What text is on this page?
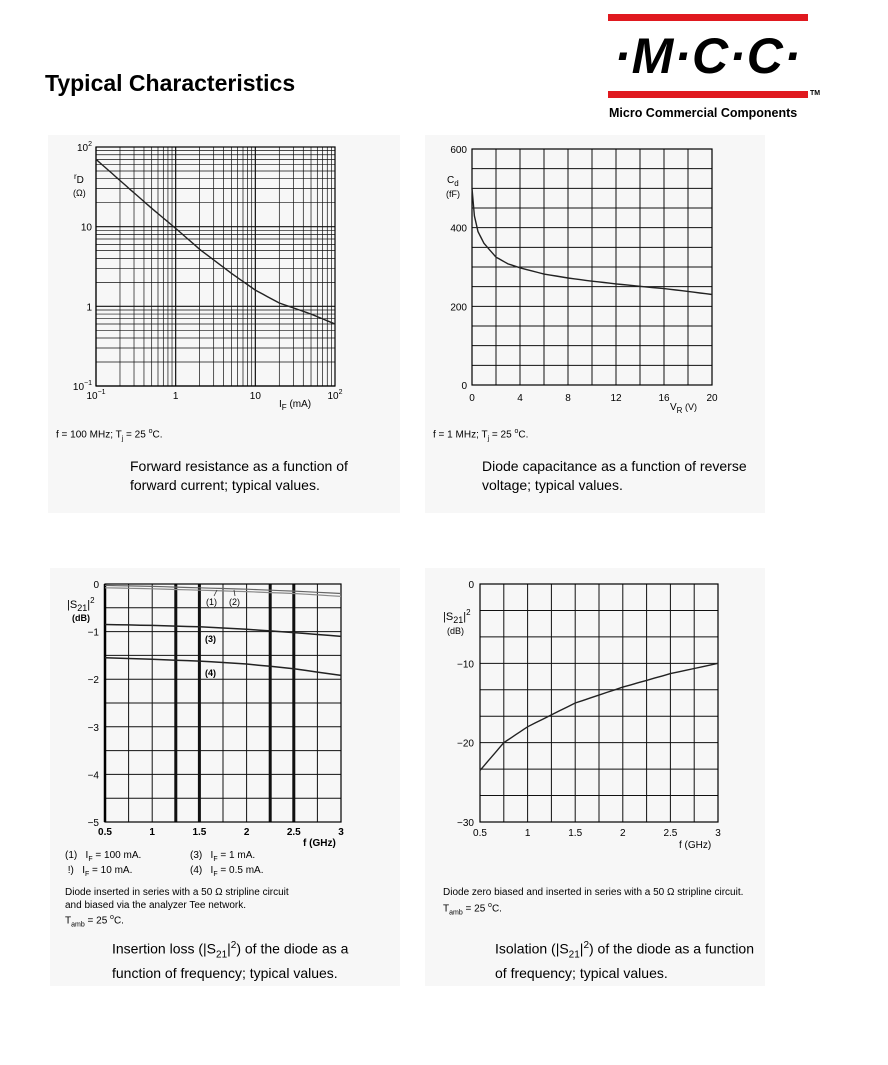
Typical Characteristics	·M·C·C·
TM
Micro Commercial Components
$10^{-1}$
$10^{-1}$
1
1
10
10
$10^2$
$10^2$
$^r$D
(Ω)
$I_F$ (mA)
f = 100 MHz; $T_j = 25$ $^o$C.
Forward resistance as a function of
forward current; typical values.
0
200
400
600
0	4	8	12	16	20
$C_d$
(fF)
$V_R$ (V)
f = 1 MHz; $T_j = 25$ $^o$C.
Diode capacitance as a function of reverse
voltage; typical values.
0
−1
−2
−3
−4
−5
0.5	1	1.5	2	2.5	3
$|S_{21}|^2$
(dB)
f (GHz)
(1) (2)
(3)
(4)
(1)   $I_F = 100$ mA.	(3)   $I_F = 1$ mA.
!)   $I_F = 10$ mA.	(4)   $I_F = 0.5$ mA.
Diode inserted in series with a 50 Ω stripline circuit
and biased via the analyzer Tee network.
$T_{amb} = 25$ $^o$C.
Insertion loss $(|S_{21}|^2)$ of the diode as a
function of frequency; typical values.
0
−10
−20
−30
0.5	1	1.5	2	2.5	3
$|S_{21}|^2$
(dB)
f (GHz)
Diode zero biased and inserted in series with a 50 Ω stripline circuit.
$T_{amb} = 25$ $^o$C.
Isolation $(|S_{21}|^2)$ of the diode as a function
of frequency; typical values.
